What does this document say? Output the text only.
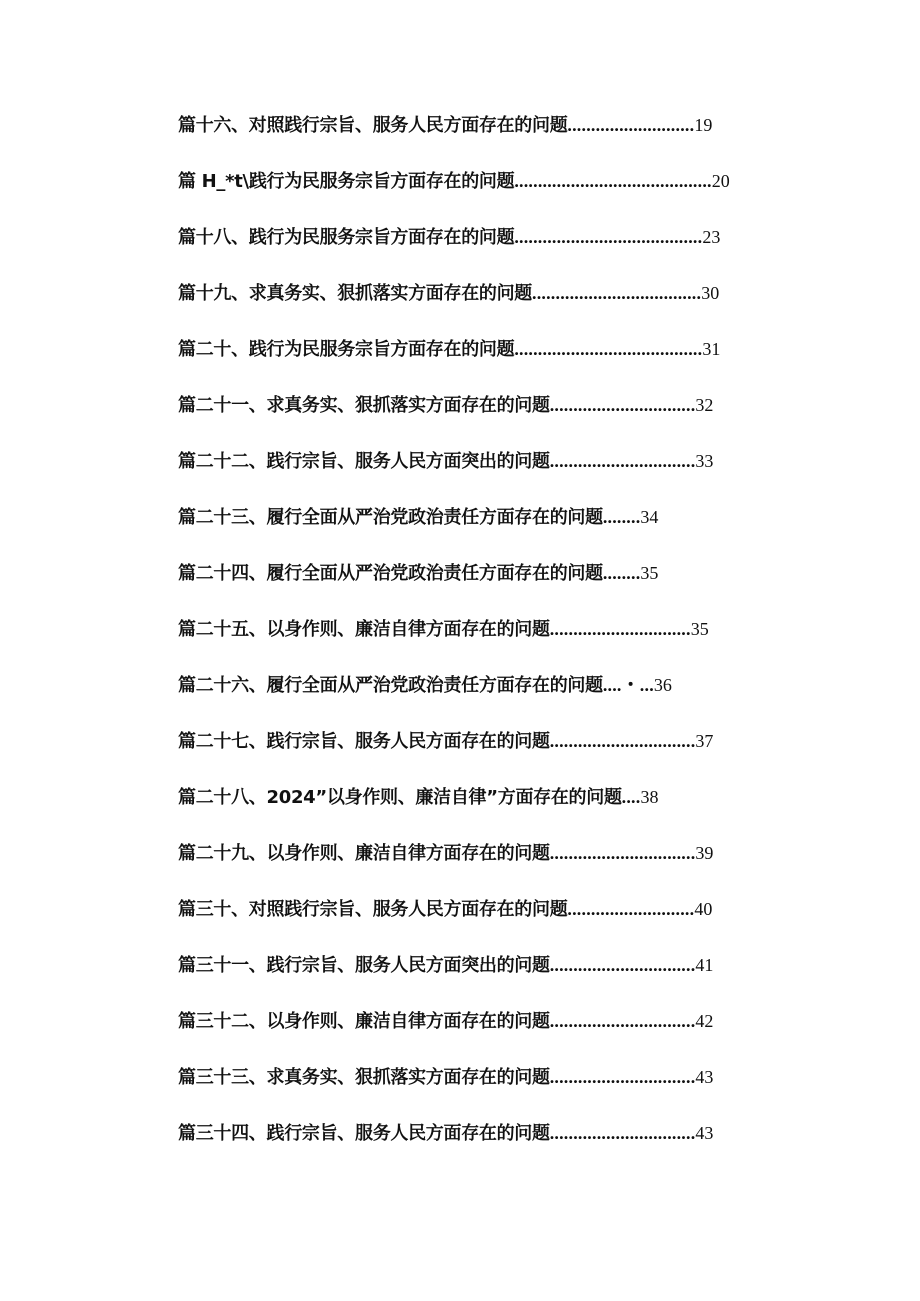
篇十六、对照践行宗旨、服务人民方面存在的问题...........................19
篇 H_*t\践行为民服务宗旨方面存在的问题..........................................20
篇十八、践行为民服务宗旨方面存在的问题........................................23
篇十九、求真务实、狠抓落实方面存在的问题....................................30
篇二十、践行为民服务宗旨方面存在的问题........................................31
篇二十一、求真务实、狠抓落实方面存在的问题...............................32
篇二十二、践行宗旨、服务人民方面突出的问题...............................33
篇二十三、履行全面从严治党政治责任方面存在的问题........34
篇二十四、履行全面从严治党政治责任方面存在的问题........35
篇二十五、以身作则、廉洁自律方面存在的问题..............................35
篇二十六、履行全面从严治党政治责任方面存在的问题....・...36
篇二十七、践行宗旨、服务人民方面存在的问题...............................37
篇二十八、2024”以身作则、廉洁自律”方面存在的问题....38
篇二十九、以身作则、廉洁自律方面存在的问题...............................39
篇三十、对照践行宗旨、服务人民方面存在的问题...........................40
篇三十一、践行宗旨、服务人民方面突出的问题...............................41
篇三十二、以身作则、廉洁自律方面存在的问题...............................42
篇三十三、求真务实、狠抓落实方面存在的问题...............................43
篇三十四、践行宗旨、服务人民方面存在的问题...............................43
